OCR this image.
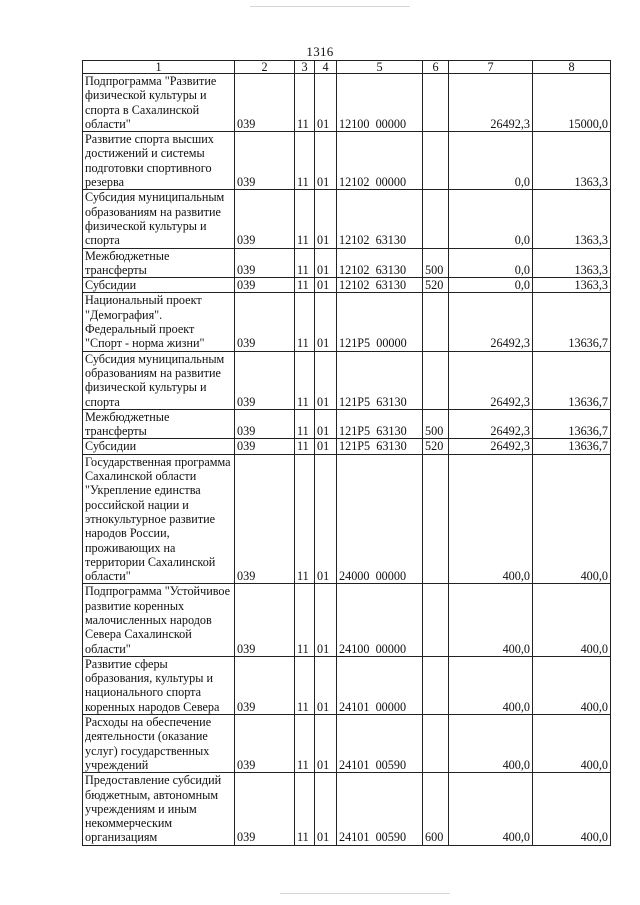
1316
1	2	3	4	5	6	7	8
Подпрограмма "Развитие физической культуры и спорта в Сахалинской области"	039	11	01	12100  00000		26492,3	15000,0
Развитие спорта высших достижений и системы подготовки спортивного резерва	039	11	01	12102  00000		0,0	1363,3
Субсидия муниципальным образованиям на развитие физической культуры и спорта	039	11	01	12102  63130		0,0	1363,3
Межбюджетные трансферты	039	11	01	12102  63130	500	0,0	1363,3
Субсидии	039	11	01	12102  63130	520	0,0	1363,3
Национальный проект "Демография". Федеральный проект "Спорт - норма жизни"	039	11	01	121P5  00000		26492,3	13636,7
Субсидия муниципальным образованиям на развитие физической культуры и спорта	039	11	01	121P5  63130		26492,3	13636,7
Межбюджетные трансферты	039	11	01	121P5  63130	500	26492,3	13636,7
Субсидии	039	11	01	121P5  63130	520	26492,3	13636,7
Государственная программа Сахалинской области "Укрепление единства российской нации и этнокультурное развитие народов России, проживающих на территории Сахалинской области"	039	11	01	24000  00000		400,0	400,0
Подпрограмма "Устойчивое развитие коренных малочисленных народов Севера Сахалинской области"	039	11	01	24100  00000		400,0	400,0
Развитие сферы образования, культуры и национального спорта коренных народов Севера	039	11	01	24101  00000		400,0	400,0
Расходы на обеспечение деятельности (оказание услуг) государственных учреждений	039	11	01	24101  00590		400,0	400,0
Предоставление субсидий бюджетным, автономным учреждениям и иным некоммерческим организациям	039	11	01	24101  00590	600	400,0	400,0
